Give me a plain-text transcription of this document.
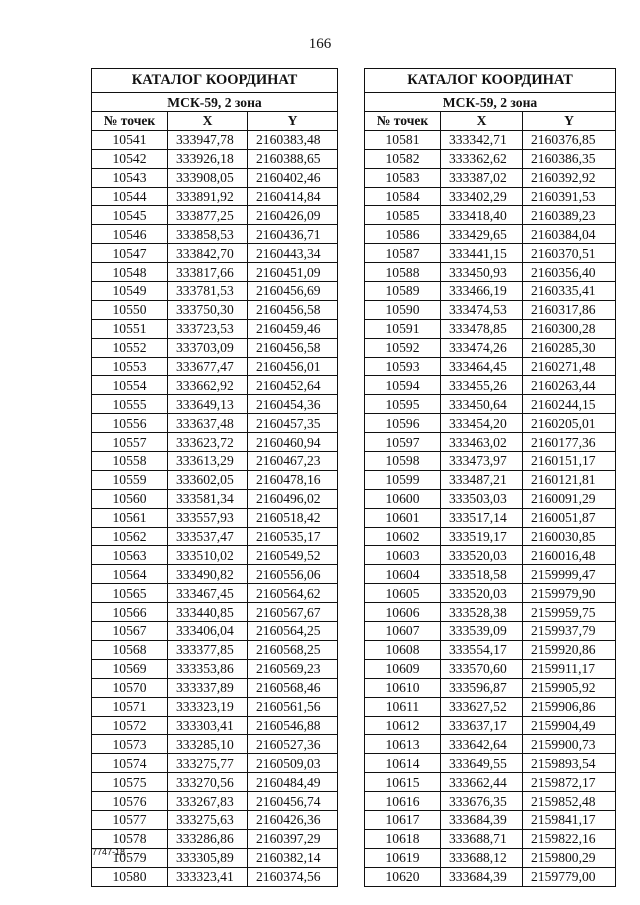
166
КАТАЛОГ КООРДИНАТ		
МСК-59, 2 зона		
№ точек	X	Y
10541	333947,78	2160383,48
10542	333926,18	2160388,65
10543	333908,05	2160402,46
10544	333891,92	2160414,84
10545	333877,25	2160426,09
10546	333858,53	2160436,71
10547	333842,70	2160443,34
10548	333817,66	2160451,09
10549	333781,53	2160456,69
10550	333750,30	2160456,58
10551	333723,53	2160459,46
10552	333703,09	2160456,58
10553	333677,47	2160456,01
10554	333662,92	2160452,64
10555	333649,13	2160454,36
10556	333637,48	2160457,35
10557	333623,72	2160460,94
10558	333613,29	2160467,23
10559	333602,05	2160478,16
10560	333581,34	2160496,02
10561	333557,93	2160518,42
10562	333537,47	2160535,17
10563	333510,02	2160549,52
10564	333490,82	2160556,06
10565	333467,45	2160564,62
10566	333440,85	2160567,67
10567	333406,04	2160564,25
10568	333377,85	2160568,25
10569	333353,86	2160569,23
10570	333337,89	2160568,46
10571	333323,19	2160561,56
10572	333303,41	2160546,88
10573	333285,10	2160527,36
10574	333275,77	2160509,03
10575	333270,56	2160484,49
10576	333267,83	2160456,74
10577	333275,63	2160426,36
10578	333286,86	2160397,29
10579	333305,89	2160382,14
10580	333323,41	2160374,56
КАТАЛОГ КООРДИНАТ		
МСК-59, 2 зона		
№ точек	X	Y
10581	333342,71	2160376,85
10582	333362,62	2160386,35
10583	333387,02	2160392,92
10584	333402,29	2160391,53
10585	333418,40	2160389,23
10586	333429,65	2160384,04
10587	333441,15	2160370,51
10588	333450,93	2160356,40
10589	333466,19	2160335,41
10590	333474,53	2160317,86
10591	333478,85	2160300,28
10592	333474,26	2160285,30
10593	333464,45	2160271,48
10594	333455,26	2160263,44
10595	333450,64	2160244,15
10596	333454,20	2160205,01
10597	333463,02	2160177,36
10598	333473,97	2160151,17
10599	333487,21	2160121,81
10600	333503,03	2160091,29
10601	333517,14	2160051,87
10602	333519,17	2160030,85
10603	333520,03	2160016,48
10604	333518,58	2159999,47
10605	333520,03	2159979,90
10606	333528,38	2159959,75
10607	333539,09	2159937,79
10608	333554,17	2159920,86
10609	333570,60	2159911,17
10610	333596,87	2159905,92
10611	333627,52	2159906,86
10612	333637,17	2159904,49
10613	333642,64	2159900,73
10614	333649,55	2159893,54
10615	333662,44	2159872,17
10616	333676,35	2159852,48
10617	333684,39	2159841,17
10618	333688,71	2159822,16
10619	333688,12	2159800,29
10620	333684,39	2159779,00
7747-18
